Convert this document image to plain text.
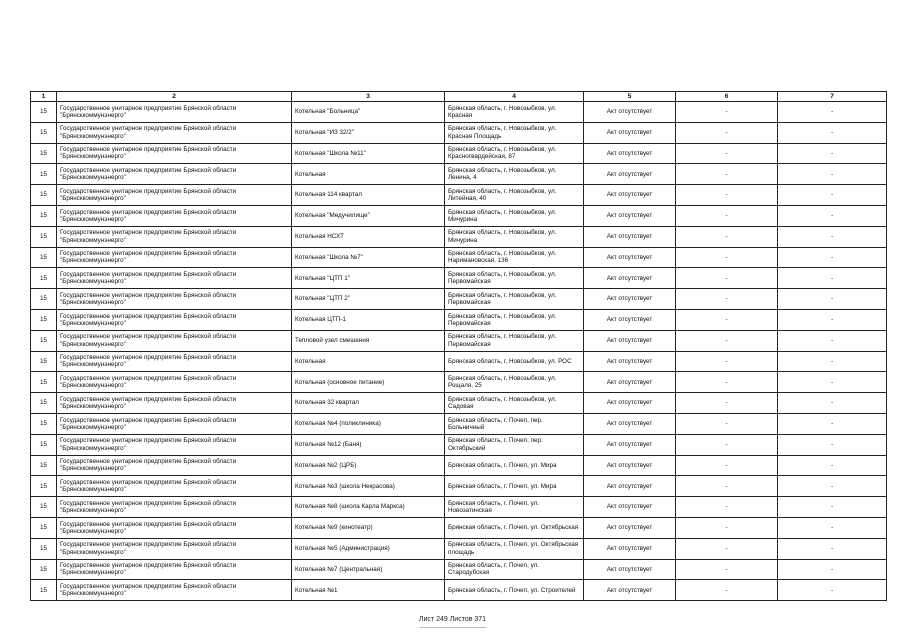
1	2	3	4	5	6	7
15	Государственное унитарное предприятие Брянской области "Брянсккоммунэнерго"	Котельная "Больница"	Брянская область, г. Новозыбков, ул. Красная	Акт отсутствует	-	-
15	Государственное унитарное предприятие Брянской области "Брянсккоммунэнерго"	Котельная "ИЗ 32/2"	Брянская область, г. Новозыбков, ул. Красная Площадь	Акт отсутствует	-	-
15	Государственное унитарное предприятие Брянской области "Брянсккоммунэнерго"	Котельная "Школа №11"	Брянская область, г. Новозыбков, ул. Красногвардейская, 87	Акт отсутствует	-	-
15	Государственное унитарное предприятие Брянской области "Брянсккоммунэнерго"	Котельная	Брянская область, г. Новозыбков, ул. Ленина, 4	Акт отсутствует	-	-
15	Государственное унитарное предприятие Брянской области "Брянсккоммунэнерго"	Котельная 114 квартал	Брянская область, г. Новозыбков, ул. Литейная, 40	Акт отсутствует	-	-
15	Государственное унитарное предприятие Брянской области "Брянсккоммунэнерго"	Котельная "Медучилище"	Брянская область, г. Новозыбков, ул. Мичурина	Акт отсутствует	-	-
15	Государственное унитарное предприятие Брянской области "Брянсккоммунэнерго"	Котельная НСХТ	Брянская область, г. Новозыбков, ул. Мичурина	Акт отсутствует	-	-
15	Государственное унитарное предприятие Брянской области "Брянсккоммунэнерго"	Котельная "Школа №7"	Брянская область, г. Новозыбков, ул. Наримановская, 136	Акт отсутствует	-	-
15	Государственное унитарное предприятие Брянской области "Брянсккоммунэнерго"	Котельная "ЦТП 1"	Брянская область, г. Новозыбков, ул. Первомайская	Акт отсутствует	-	-
15	Государственное унитарное предприятие Брянской области "Брянсккоммунэнерго"	Котельная "ЦТП 2"	Брянская область, г. Новозыбков, ул. Первомайская	Акт отсутствует	-	-
15	Государственное унитарное предприятие Брянской области "Брянсккоммунэнерго"	Котельная ЦТП-1	Брянская область, г. Новозыбков, ул. Первомайская	Акт отсутствует	-	-
15	Государственное унитарное предприятие Брянской области "Брянсккоммунэнерго"	Тепловой узел смешения	Брянская область, г. Новозыбков, ул. Первомайская	Акт отсутствует	-	-
15	Государственное унитарное предприятие Брянской области "Брянсккоммунэнерго"	Котельная	Брянская область, г. Новозыбков, ул. РОС	Акт отсутствует	-	-
15	Государственное унитарное предприятие Брянской области "Брянсккоммунэнерго"	Котельная (основное питание)	Брянская область, г. Новозыбков, ул. Рощаля, 25	Акт отсутствует	-	-
15	Государственное унитарное предприятие Брянской области "Брянсккоммунэнерго"	Котельная 32 квартал	Брянская область, г. Новозыбков, ул. Садовая	Акт отсутствует	-	-
15	Государственное унитарное предприятие Брянской области "Брянсккоммунэнерго"	Котельная №4 (поликлиника)	Брянская область, г. Почеп, пер. Больничный	Акт отсутствует	-	-
15	Государственное унитарное предприятие Брянской области "Брянсккоммунэнерго"	Котельная №12 (Баня)	Брянская область, г. Почеп, пер. Октябрьский	Акт отсутствует	-	-
15	Государственное унитарное предприятие Брянской области "Брянсккоммунэнерго"	Котельная №2 (ЦРБ)	Брянская область, г. Почеп, ул. Мира	Акт отсутствует	-	-
15	Государственное унитарное предприятие Брянской области "Брянсккоммунэнерго"	Котельная №3 (школа Некрасова)	Брянская область, г. Почеп, ул. Мира	Акт отсутствует	-	-
15	Государственное унитарное предприятие Брянской области "Брянсккоммунэнерго"	Котельная №8 (школа Карла Маркса)	Брянская область, г. Почеп, ул. Новозатинская	Акт отсутствует	-	-
15	Государственное унитарное предприятие Брянской области "Брянсккоммунэнерго"	Котельная №9 (кинотеатр)	Брянская область, г. Почеп, ул. Октябрьская	Акт отсутствует	-	-
15	Государственное унитарное предприятие Брянской области "Брянсккоммунэнерго"	Котельная №5 (Администрация)	Брянская область, г. Почеп, ул. Октябрьская площадь	Акт отсутствует	-	-
15	Государственное унитарное предприятие Брянской области "Брянсккоммунэнерго"	Котельная №7 (Центральная)	Брянская область, г. Почеп, ул. Стародубская	Акт отсутствует	-	-
15	Государственное унитарное предприятие Брянской области "Брянсккоммунэнерго"	Котельная №1	Брянская область, г. Почеп, ул. Строителей	Акт отсутствует	-	-
Лист 249 Листов 371
